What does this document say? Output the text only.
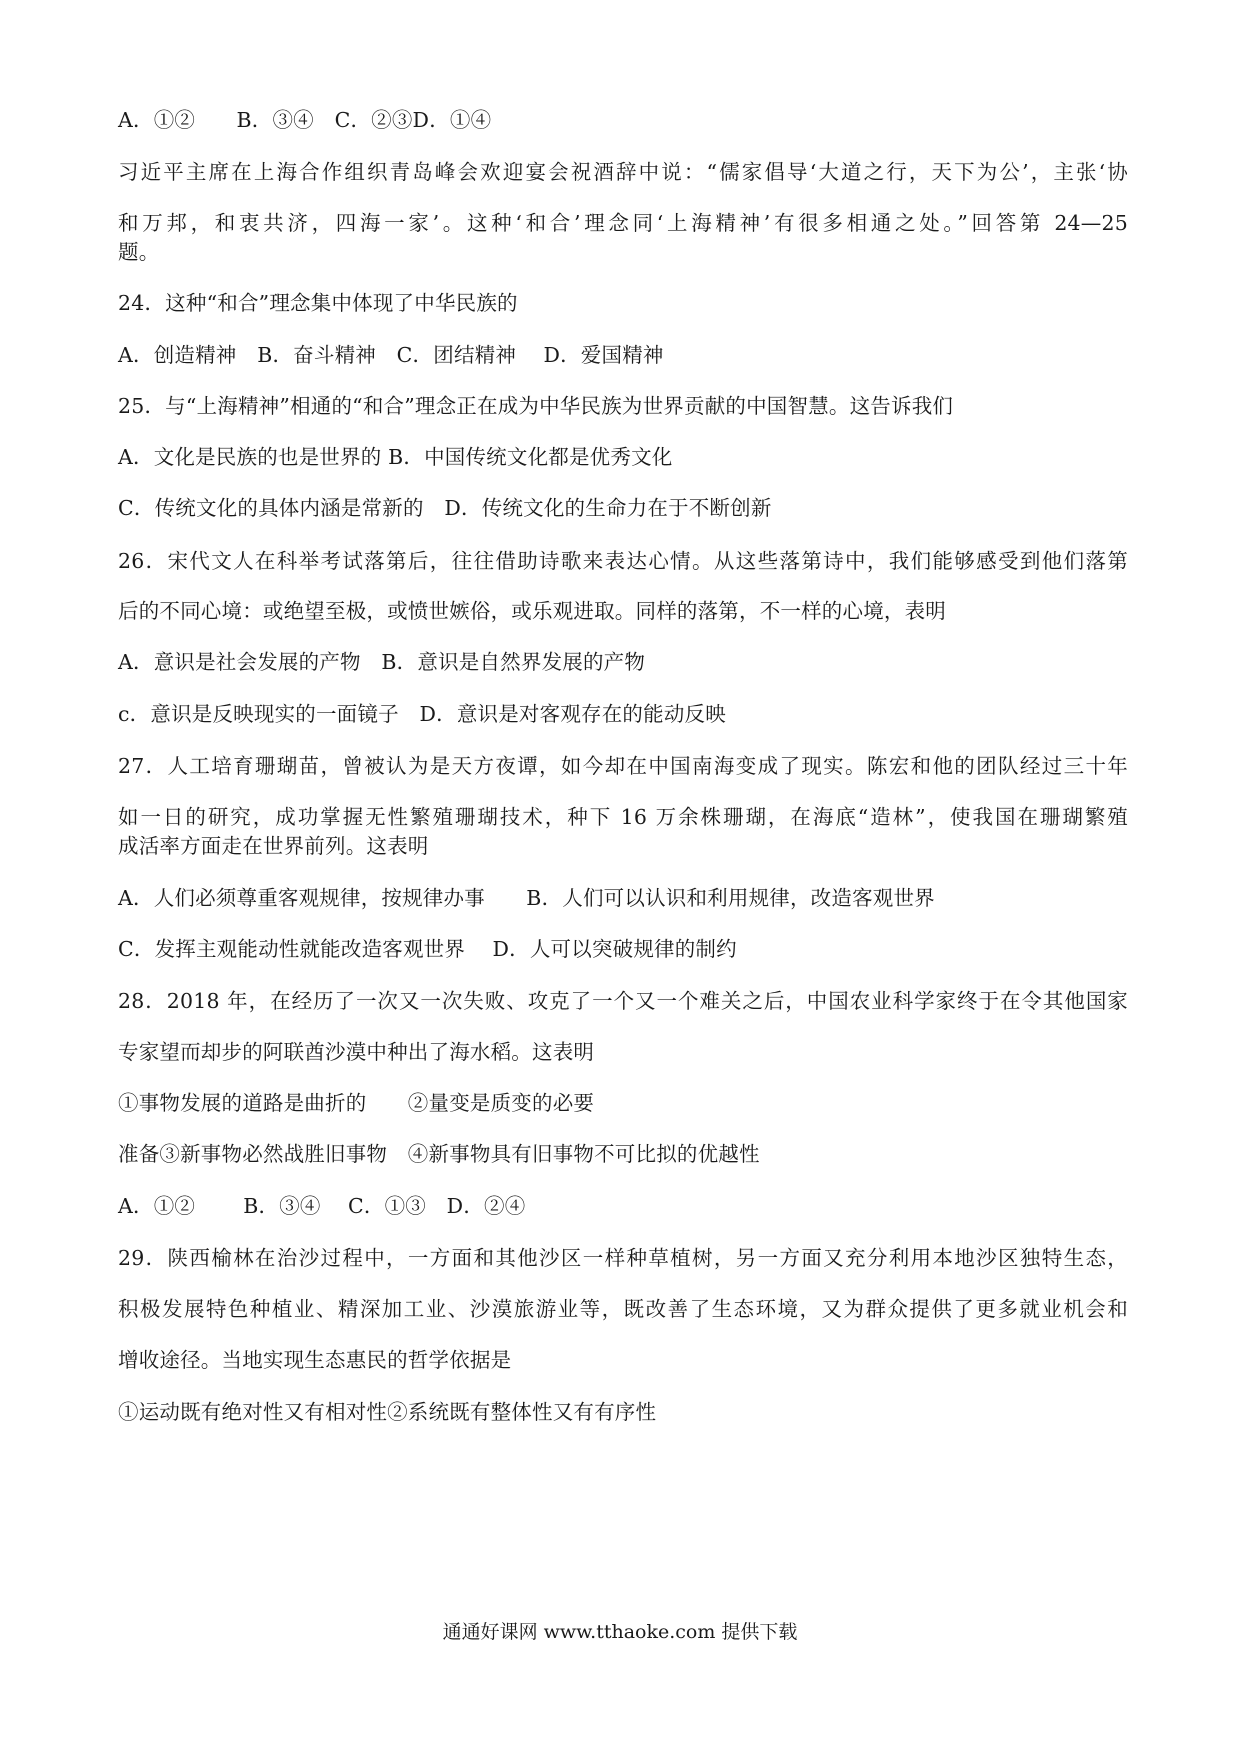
A．①②　　B．③④　C．②③D．①④
习近平主席在上海合作组织青岛峰会欢迎宴会祝酒辞中说：“儒家倡导‘大道之行，天下为公’，主张‘协
和万邦，和衷共济，四海一家’。这种‘和合’理念同‘上海精神’有很多相通之处。”回答第 24—25
题。
24．这种“和合”理念集中体现了中华民族的
A．创造精神　B．奋斗精神　C．团结精神　 D．爱国精神
25．与“上海精神”相通的“和合”理念正在成为中华民族为世界贡献的中国智慧。这告诉我们
A．文化是民族的也是世界的 B．中国传统文化都是优秀文化
C．传统文化的具体内涵是常新的　D．传统文化的生命力在于不断创新
26．宋代文人在科举考试落第后，往往借助诗歌来表达心情。从这些落第诗中，我们能够感受到他们落第
后的不同心境：或绝望至极，或愤世嫉俗，或乐观进取。同样的落第，不一样的心境，表明
A．意识是社会发展的产物　B．意识是自然界发展的产物
c．意识是反映现实的一面镜子　D．意识是对客观存在的能动反映
27．人工培育珊瑚苗，曾被认为是天方夜谭，如今却在中国南海变成了现实。陈宏和他的团队经过三十年
如一日的研究，成功掌握无性繁殖珊瑚技术，种下 16 万余株珊瑚，在海底“造林”，使我国在珊瑚繁殖
成活率方面走在世界前列。这表明
A．人们必须尊重客观规律，按规律办事　　B．人们可以认识和利用规律，改造客观世界
C．发挥主观能动性就能改造客观世界　 D．人可以突破规律的制约
28．2018 年，在经历了一次又一次失败、攻克了一个又一个难关之后，中国农业科学家终于在令其他国家
专家望而却步的阿联酋沙漠中种出了海水稻。这表明
①事物发展的道路是曲折的　　②量变是质变的必要
准备③新事物必然战胜旧事物　④新事物具有旧事物不可比拟的优越性
A．①②　　 B．③④　 C．①③　D．②④
29．陕西榆林在治沙过程中，一方面和其他沙区一样种草植树，另一方面又充分利用本地沙区独特生态，
积极发展特色种植业、精深加工业、沙漠旅游业等，既改善了生态环境，又为群众提供了更多就业机会和
增收途径。当地实现生态惠民的哲学依据是
①运动既有绝对性又有相对性②系统既有整体性又有有序性
通通好课网 www.tthaoke.com 提供下载
